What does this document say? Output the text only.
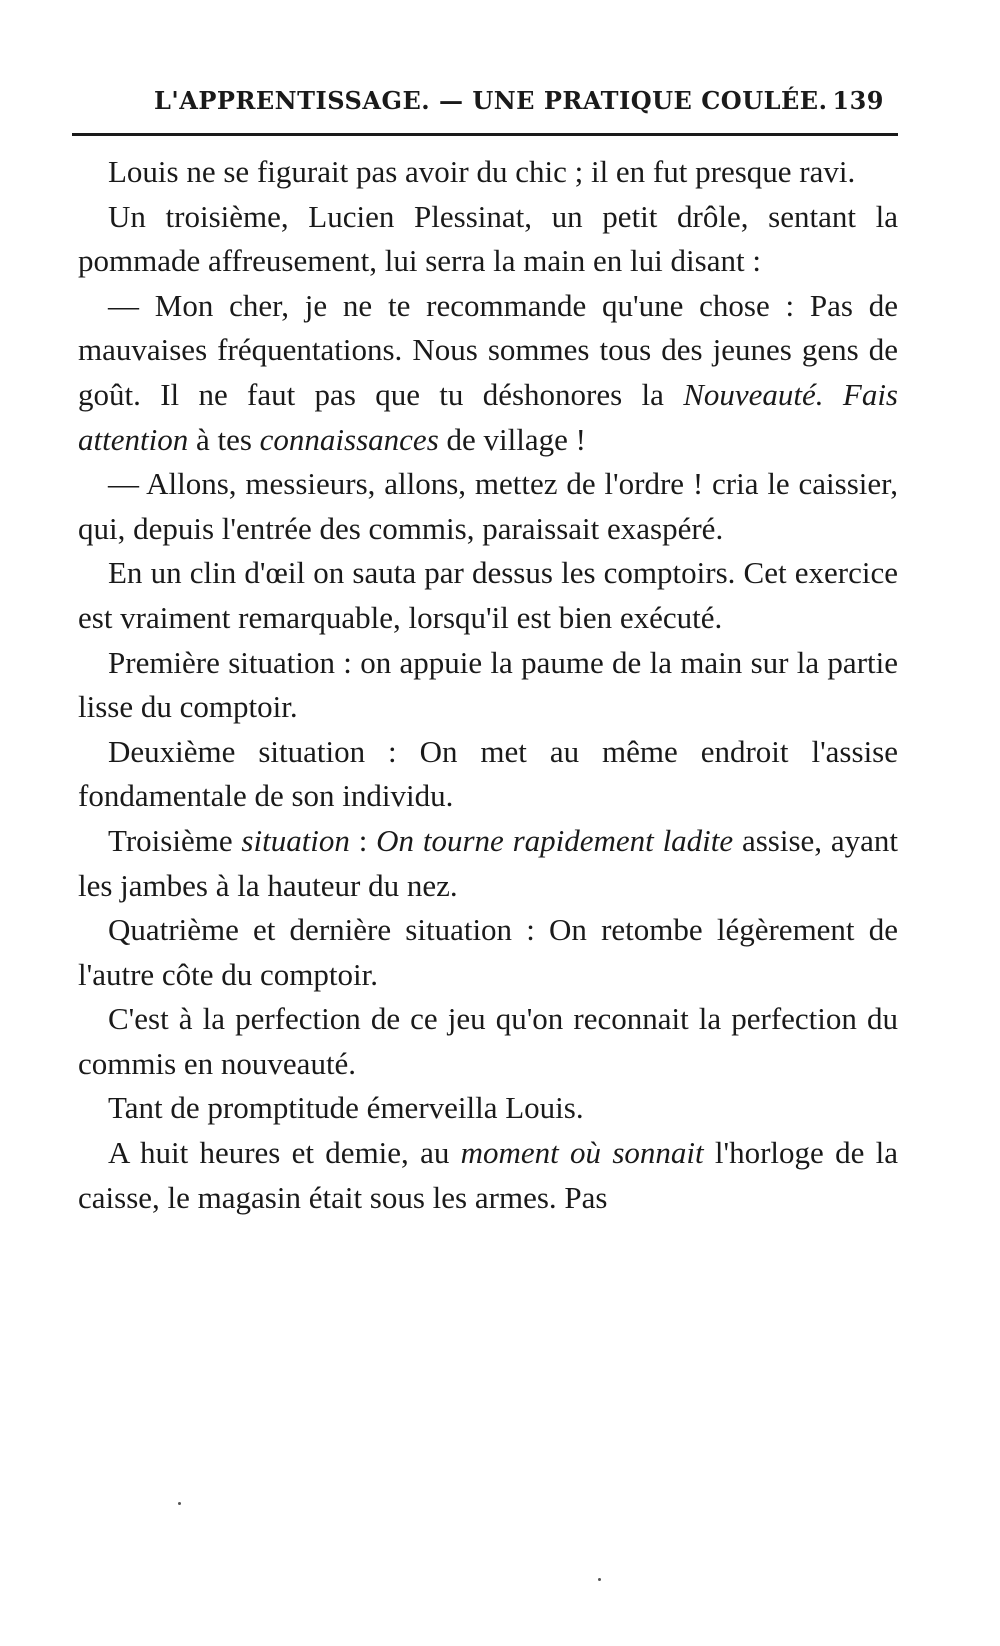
L'APPRENTISSAGE. — UNE PRATIQUE COULÉE. 139

Louis ne se figurait pas avoir du chic ; il en fut presque ravi.

Un troisième, Lucien Plessinat, un petit drôle, sentant la pommade affreusement, lui serra la main en lui disant :

— Mon cher, je ne te recommande qu'une chose : Pas de mauvaises fréquentations. Nous sommes tous des jeunes gens de goût. Il ne faut pas que tu déshonores la Nouveauté. Fais attention à tes connaissances de village !

— Allons, messieurs, allons, mettez de l'ordre ! cria le caissier, qui, depuis l'entrée des commis, paraissait exaspéré.

En un clin d'œil on sauta par dessus les comptoirs. Cet exercice est vraiment remarquable, lorsqu'il est bien exécuté.

Première situation : on appuie la paume de la main sur la partie lisse du comptoir.

Deuxième situation : On met au même endroit l'assise fondamentale de son individu.

Troisième situation : On tourne rapidement ladite assise, ayant les jambes à la hauteur du nez.

Quatrième et dernière situation : On retombe légèrement de l'autre côte du comptoir.

C'est à la perfection de ce jeu qu'on reconnait la perfection du commis en nouveauté.

Tant de promptitude émerveilla Louis.

A huit heures et demie, au moment où sonnait l'horloge de la caisse, le magasin était sous les armes. Pas
